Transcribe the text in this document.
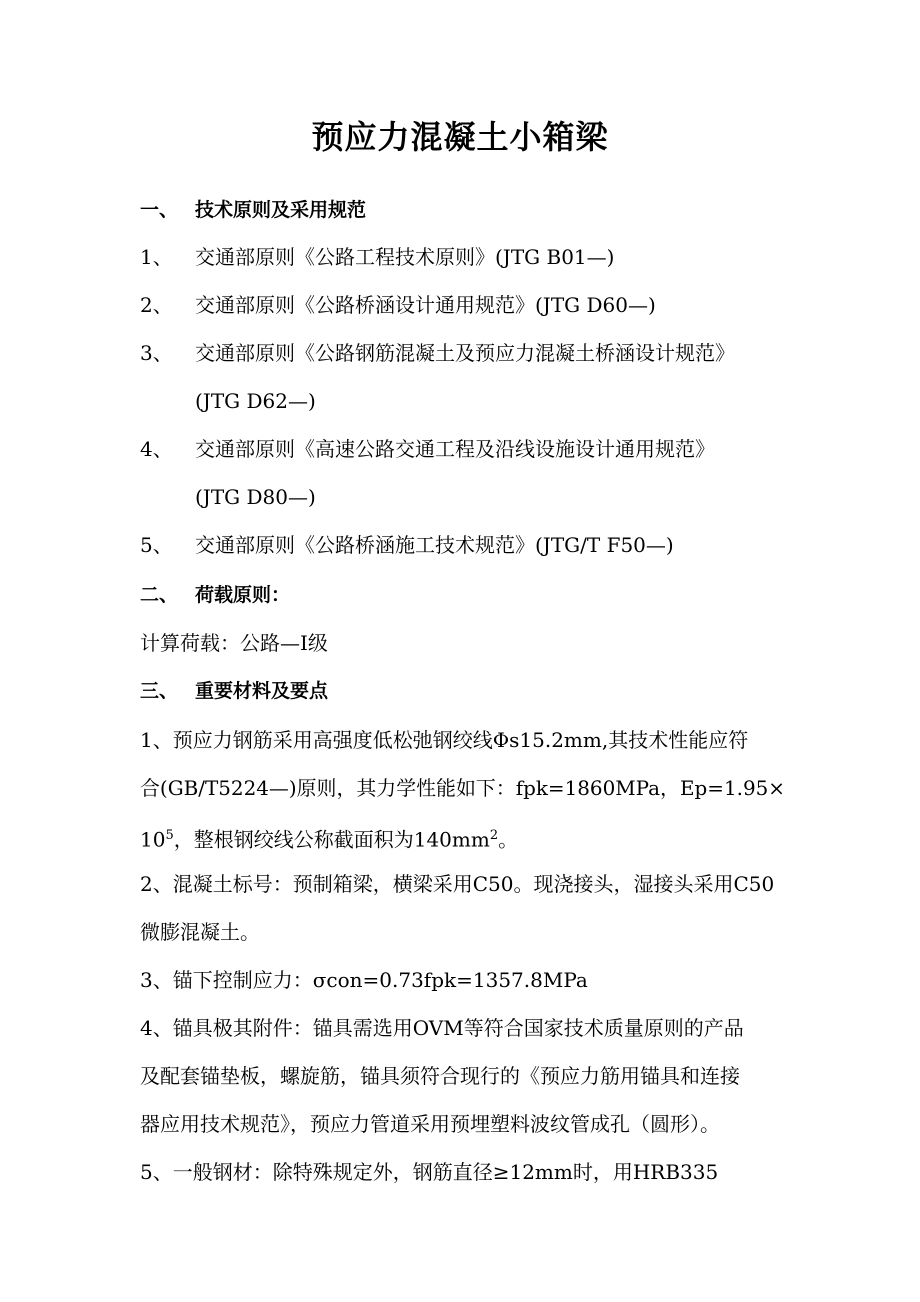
预应力混凝土小箱梁
一、 技术原则及采用规范
1、 交通部原则《公路工程技术原则》(JTG B01—)
2、 交通部原则《公路桥涵设计通用规范》(JTG D60—)
3、 交通部原则《公路钢筋混凝土及预应力混凝土桥涵设计规范》
(JTG D62—)
4、 交通部原则《高速公路交通工程及沿线设施设计通用规范》
(JTG D80—)
5、 交通部原则《公路桥涵施工技术规范》(JTG/T F50—)
二、 荷载原则：
计算荷载：公路—Ⅰ级
三、 重要材料及要点
1、预应力钢筋采用高强度低松弛钢绞线Φs15.2mm,其技术性能应符
合(GB/T5224—)原则，其力学性能如下：fpk=1860MPa，Ep=1.95×
$10^5$，整根钢绞线公称截面积为$140mm^2$。
2、混凝土标号：预制箱梁，横梁采用C50。现浇接头，湿接头采用C50
微膨混凝土。
3、锚下控制应力：σcon=0.73fpk=1357.8MPa
4、锚具极其附件：锚具需选用OVM等符合国家技术质量原则的产品
及配套锚垫板，螺旋筋，锚具须符合现行的《预应力筋用锚具和连接
器应用技术规范》，预应力管道采用预埋塑料波纹管成孔（圆形）。
5、一般钢材：除特殊规定外，钢筋直径≥12mm时，用HRB335
